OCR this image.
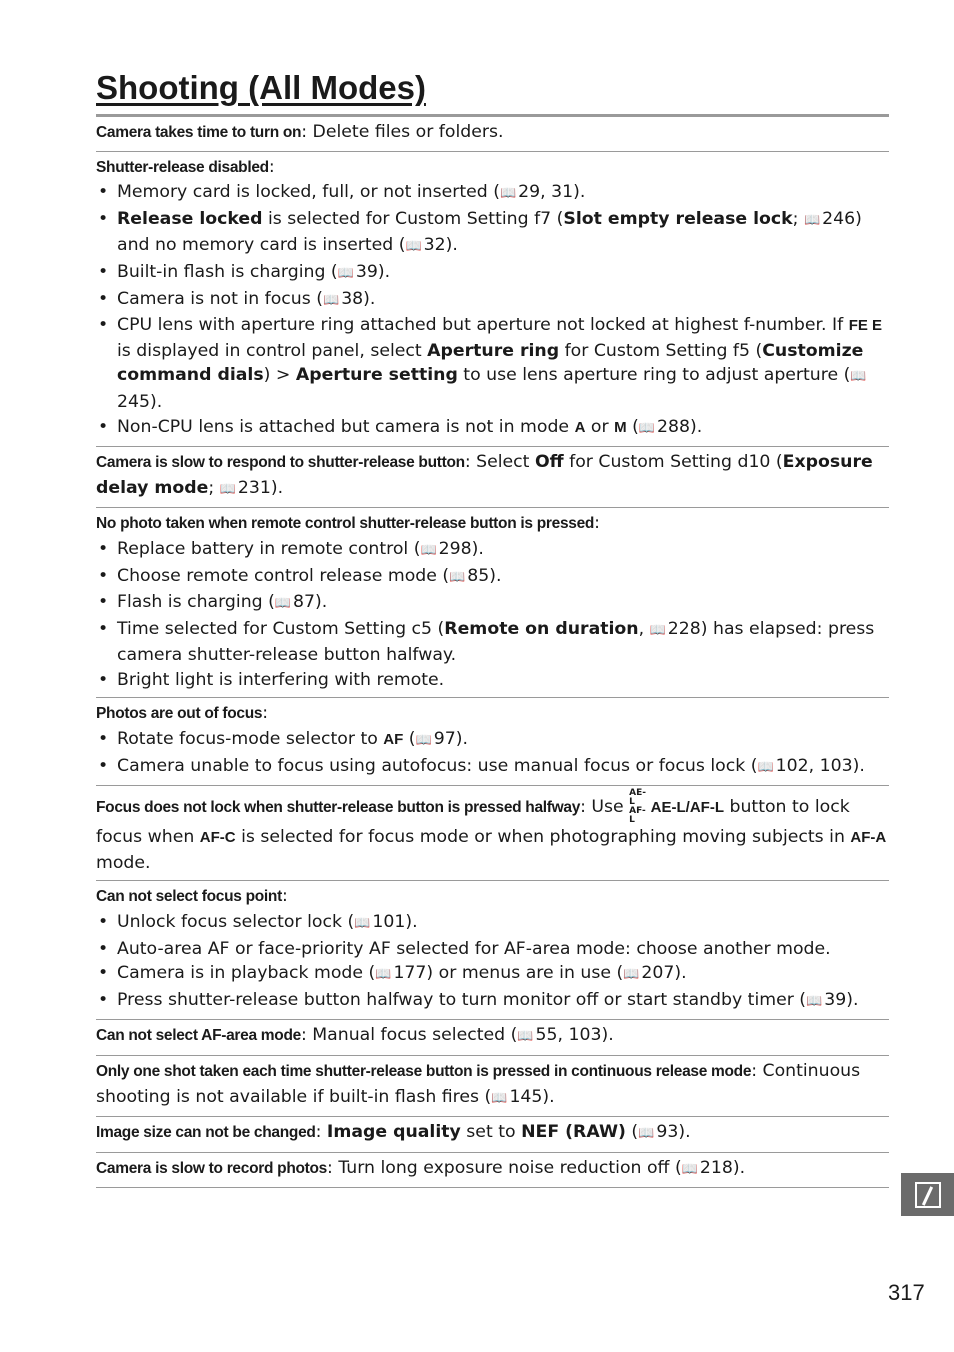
Shooting (All Modes)
Camera takes time to turn on: Delete files or folders.
Shutter-release disabled:
• Memory card is locked, full, or not inserted (📖 29, 31).
• Release locked is selected for Custom Setting f7 (Slot empty release lock; 📖 246) and no memory card is inserted (📖 32).
• Built-in flash is charging (📖 39).
• Camera is not in focus (📖 38).
• CPU lens with aperture ring attached but aperture not locked at highest f-number. If FE E is displayed in control panel, select Aperture ring for Custom Setting f5 (Customize command dials) > Aperture setting to use lens aperture ring to adjust aperture (📖245).
• Non-CPU lens is attached but camera is not in mode A or M (📖 288).
Camera is slow to respond to shutter-release button: Select Off for Custom Setting d10 (Exposure delay mode; 📖 231).
No photo taken when remote control shutter-release button is pressed:
• Replace battery in remote control (📖 298).
• Choose remote control release mode (📖 85).
• Flash is charging (📖 87).
• Time selected for Custom Setting c5 (Remote on duration, 📖 228) has elapsed: press camera shutter-release button halfway.
• Bright light is interfering with remote.
Photos are out of focus:
• Rotate focus-mode selector to AF (📖 97).
• Camera unable to focus using autofocus: use manual focus or focus lock (📖 102, 103).
Focus does not lock when shutter-release button is pressed halfway: Use AE-L AF-L AE-L/AF-L button to lock focus when AF-C is selected for focus mode or when photographing moving subjects in AF-A mode.
Can not select focus point:
• Unlock focus selector lock (📖 101).
• Auto-area AF or face-priority AF selected for AF-area mode: choose another mode.
• Camera is in playback mode (📖 177) or menus are in use (📖 207).
• Press shutter-release button halfway to turn monitor off or start standby timer (📖 39).
Can not select AF-area mode: Manual focus selected (📖 55, 103).
Only one shot taken each time shutter-release button is pressed in continuous release mode: Continuous shooting is not available if built-in flash fires (📖 145).
Image size can not be changed: Image quality set to NEF (RAW) (📖 93).
Camera is slow to record photos: Turn long exposure noise reduction off (📖 218).
317
